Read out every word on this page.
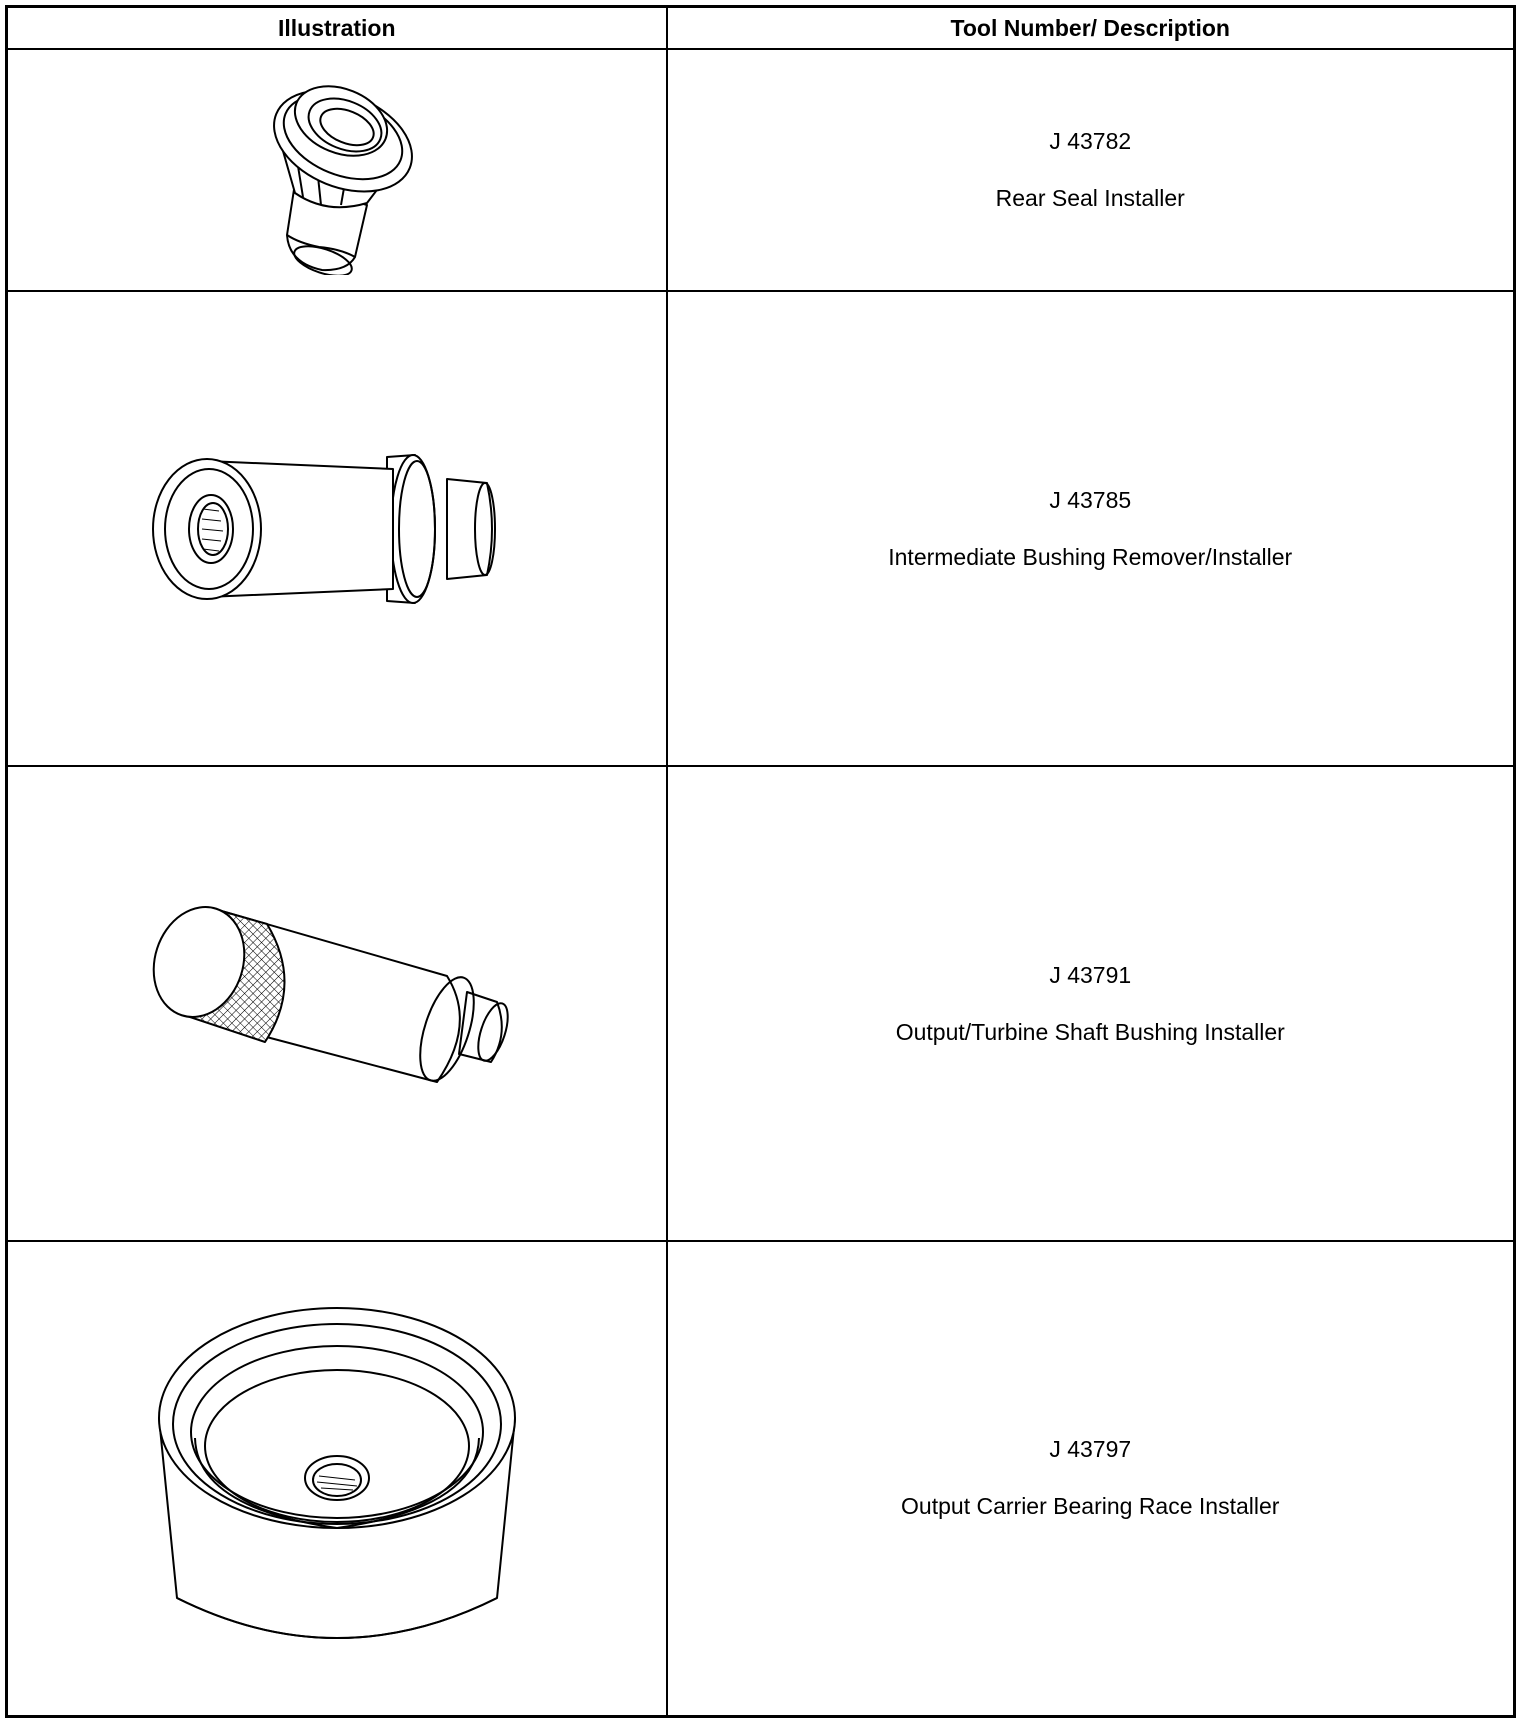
Illustration	Tool Number/ Description

J 43782
Rear Seal Installer

J 43785
Intermediate Bushing Remover/Installer

J 43791
Output/Turbine Shaft Bushing Installer

J 43797
Output Carrier Bearing Race Installer
